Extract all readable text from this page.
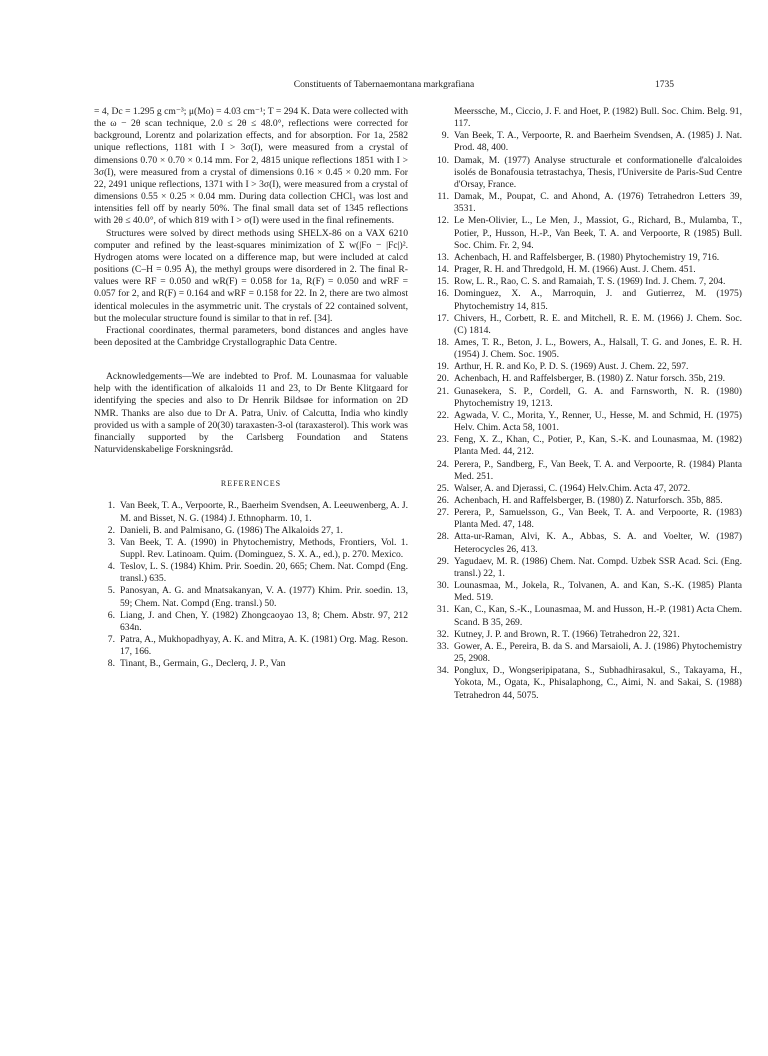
Constituents of Tabernaemontana markgrafiana	1735

= 4, Dc = 1.295 g cm⁻³; μ(Mo) = 4.03 cm⁻¹; T = 294 K. Data were collected with the ω − 2θ scan technique, 2.0 ≤ 2θ ≤ 48.0°, reflections were corrected for background, Lorentz and polarization effects, and for absorption. For 1a, 2582 unique reflections, 1181 with I > 3σ(I), were measured from a crystal of dimensions 0.70 × 0.70 × 0.14 mm. For 2, 4815 unique reflections 1851 with I > 3σ(I), were measured from a crystal of dimensions 0.16 × 0.45 × 0.20 mm. For 22, 2491 unique reflections, 1371 with I > 3σ(I), were measured from a crystal of dimensions 0.55 × 0.25 × 0.04 mm. During data collection CHCl₃ was lost and intensities fell off by nearly 50%. The final small data set of 1345 reflections with 2θ ≤ 40.0°, of which 819 with I > σ(I) were used in the final refinements.

Structures were solved by direct methods using SHELX-86 on a VAX 6210 computer and refined by the least-squares minimization of Σ w(|Fo − |Fc|)². Hydrogen atoms were located on a difference map, but were included at calcd positions (C–H = 0.95 Å), the methyl groups were disordered in 2. The final R-values were RF = 0.050 and wR(F) = 0.058 for 1a, R(F) = 0.050 and wRF = 0.057 for 2, and R(F) = 0.164 and wRF = 0.158 for 22. In 2, there are two almost identical molecules in the asymmetric unit. The crystals of 22 contained solvent, but the molecular structure found is similar to that in ref. [34].

Fractional coordinates, thermal parameters, bond distances and angles have been deposited at the Cambridge Crystallographic Data Centre.

Acknowledgements—We are indebted to Prof. M. Lounasmaa for valuable help with the identification of alkaloids 11 and 23, to Dr Bente Klitgaard for identifying the species and also to Dr Henrik Bildsøe for information on 2D NMR. Thanks are also due to Dr A. Patra, Univ. of Calcutta, India who kindly provided us with a sample of 20(30) taraxasten-3-ol (taraxasterol). This work was financially supported by the Carlsberg Foundation and Statens Naturvidenskabelige Forskningsråd.

REFERENCES
1. Van Beek, T. A., Verpoorte, R., Baerheim Svendsen, A. Leeuwenberg, A. J. M. and Bisset, N. G. (1984) J. Ethnopharm. 10, 1.
2. Danieli, B. and Palmisano, G. (1986) The Alkaloids 27, 1.
3. Van Beek, T. A. (1990) in Phytochemistry, Methods, Frontiers, Vol. 1. Suppl. Rev. Latinoam. Quim. (Dominguez, S. X. A., ed.), p. 270. Mexico.
4. Teslov, L. S. (1984) Khim. Prir. Soedin. 20, 665; Chem. Nat. Compd (Eng. transl.) 635.
5. Panosyan, A. G. and Mnatsakanyan, V. A. (1977) Khim. Prir. soedin. 13, 59; Chem. Nat. Compd (Eng. transl.) 50.
6. Liang, J. and Chen, Y. (1982) Zhongcaoyao 13, 8; Chem. Abstr. 97, 212 634n.
7. Patra, A., Mukhopadhyay, A. K. and Mitra, A. K. (1981) Org. Mag. Reson. 17, 166.
8. Tinant, B., Germain, G., Declerq, J. P., Van
Meerssche, M., Ciccio, J. F. and Hoet, P. (1982) Bull. Soc. Chim. Belg. 91, 117.
9. Van Beek, T. A., Verpoorte, R. and Baerheim Svendsen, A. (1985) J. Nat. Prod. 48, 400.
10. Damak, M. (1977) Analyse structurale et conformationelle d'alcaloides isolés de Bonafousia tetrastachya, Thesis, l'Universite de Paris-Sud Centre d'Orsay, France.
11. Damak, M., Poupat, C. and Ahond, A. (1976) Tetrahedron Letters 39, 3531.
12. Le Men-Olivier, L., Le Men, J., Massiot, G., Richard, B., Mulamba, T., Potier, P., Husson, H.-P., Van Beek, T. A. and Verpoorte, R (1985) Bull. Soc. Chim. Fr. 2, 94.
13. Achenbach, H. and Raffelsberger, B. (1980) Phytochemistry 19, 716.
14. Prager, R. H. and Thredgold, H. M. (1966) Aust. J. Chem. 451.
15. Row, L. R., Rao, C. S. and Ramaiah, T. S. (1969) Ind. J. Chem. 7, 204.
16. Dominguez, X. A., Marroquin, J. and Gutierrez, M. (1975) Phytochemistry 14, 815.
17. Chivers, H., Corbett, R. E. and Mitchell, R. E. M. (1966) J. Chem. Soc. (C) 1814.
18. Ames, T. R., Beton, J. L., Bowers, A., Halsall, T. G. and Jones, E. R. H. (1954) J. Chem. Soc. 1905.
19. Arthur, H. R. and Ko, P. D. S. (1969) Aust. J. Chem. 22, 597.
20. Achenbach, H. and Raffelsberger, B. (1980) Z. Natur forsch. 35b, 219.
21. Gunasekera, S. P., Cordell, G. A. and Farnsworth, N. R. (1980) Phytochemistry 19, 1213.
22. Agwada, V. C., Morita, Y., Renner, U., Hesse, M. and Schmid, H. (1975) Helv. Chim. Acta 58, 1001.
23. Feng, X. Z., Khan, C., Potier, P., Kan, S.-K. and Lounasmaa, M. (1982) Planta Med. 44, 212.
24. Perera, P., Sandberg, F., Van Beek, T. A. and Verpoorte, R. (1984) Planta Med. 251.
25. Walser, A. and Djerassi, C. (1964) Helv.Chim. Acta 47, 2072.
26. Achenbach, H. and Raffelsberger, B. (1980) Z. Naturforsch. 35b, 885.
27. Perera, P., Samuelsson, G., Van Beek, T. A. and Verpoorte, R. (1983) Planta Med. 47, 148.
28. Atta-ur-Raman, Alvi, K. A., Abbas, S. A. and Voelter, W. (1987) Heterocycles 26, 413.
29. Yagudaev, M. R. (1986) Chem. Nat. Compd. Uzbek SSR Acad. Sci. (Eng. transl.) 22, 1.
30. Lounasmaa, M., Jokela, R., Tolvanen, A. and Kan, S.-K. (1985) Planta Med. 519.
31. Kan, C., Kan, S.-K., Lounasmaa, M. and Husson, H.-P. (1981) Acta Chem. Scand. B 35, 269.
32. Kutney, J. P. and Brown, R. T. (1966) Tetrahedron 22, 321.
33. Gower, A. E., Pereira, B. da S. and Marsaioli, A. J. (1986) Phytochemistry 25, 2908.
34. Ponglux, D., Wongseripipatana, S., Subhadhirasakul, S., Takayama, H., Yokota, M., Ogata, K., Phisalaphong, C., Aimi, N. and Sakai, S. (1988) Tetrahedron 44, 5075.
